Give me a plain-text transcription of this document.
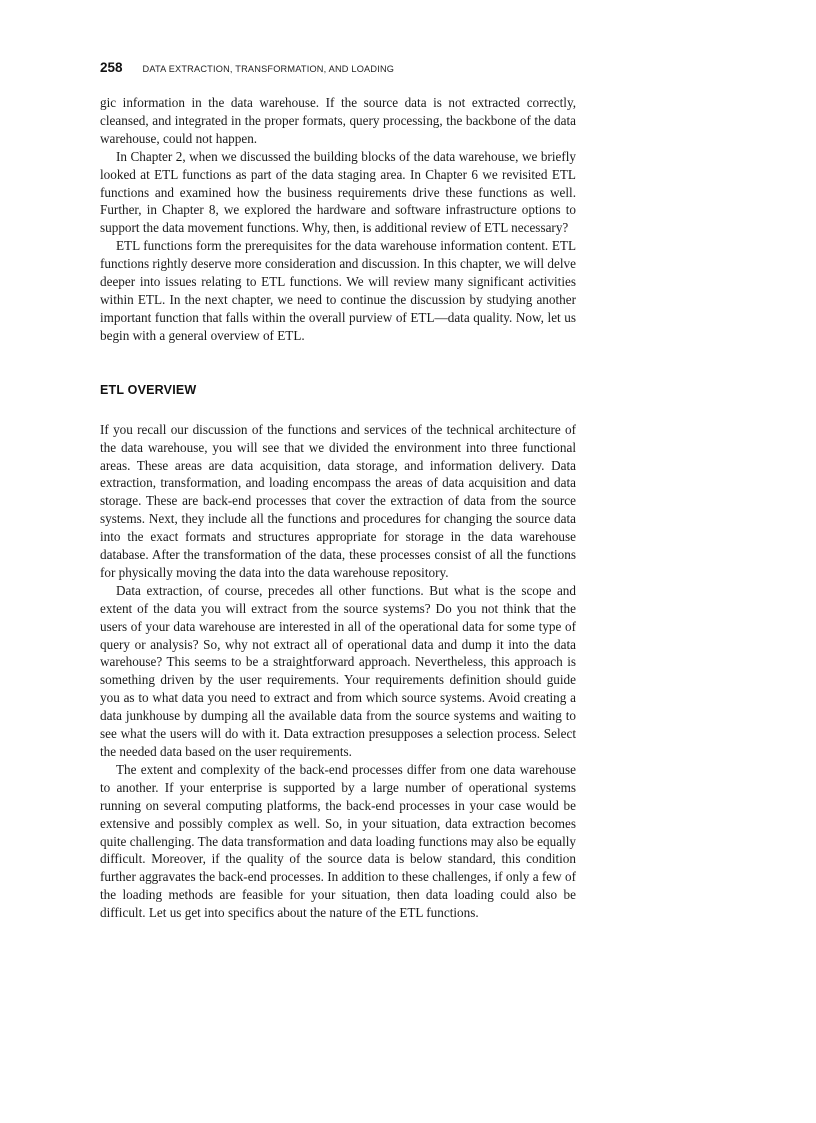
258 DATA EXTRACTION, TRANSFORMATION, AND LOADING

gic information in the data warehouse. If the source data is not extracted correctly, cleansed, and integrated in the proper formats, query processing, the backbone of the data warehouse, could not happen.

In Chapter 2, when we discussed the building blocks of the data warehouse, we briefly looked at ETL functions as part of the data staging area. In Chapter 6 we revisited ETL functions and examined how the business requirements drive these functions as well. Further, in Chapter 8, we explored the hardware and software infrastructure options to support the data movement functions. Why, then, is additional review of ETL necessary?

ETL functions form the prerequisites for the data warehouse information content. ETL functions rightly deserve more consideration and discussion. In this chapter, we will delve deeper into issues relating to ETL functions. We will review many significant activities within ETL. In the next chapter, we need to continue the discussion by studying another important function that falls within the overall purview of ETL—data quality. Now, let us begin with a general overview of ETL.

ETL OVERVIEW

If you recall our discussion of the functions and services of the technical architecture of the data warehouse, you will see that we divided the environment into three functional areas. These areas are data acquisition, data storage, and information delivery. Data extraction, transformation, and loading encompass the areas of data acquisition and data storage. These are back-end processes that cover the extraction of data from the source systems. Next, they include all the functions and procedures for changing the source data into the exact formats and structures appropriate for storage in the data warehouse database. After the transformation of the data, these processes consist of all the functions for physically moving the data into the data warehouse repository.

Data extraction, of course, precedes all other functions. But what is the scope and extent of the data you will extract from the source systems? Do you not think that the users of your data warehouse are interested in all of the operational data for some type of query or analysis? So, why not extract all of operational data and dump it into the data warehouse? This seems to be a straightforward approach. Nevertheless, this approach is something driven by the user requirements. Your requirements definition should guide you as to what data you need to extract and from which source systems. Avoid creating a data junkhouse by dumping all the available data from the source systems and waiting to see what the users will do with it. Data extraction presupposes a selection process. Select the needed data based on the user requirements.

The extent and complexity of the back-end processes differ from one data warehouse to another. If your enterprise is supported by a large number of operational systems running on several computing platforms, the back-end processes in your case would be extensive and possibly complex as well. So, in your situation, data extraction becomes quite challenging. The data transformation and data loading functions may also be equally difficult. Moreover, if the quality of the source data is below standard, this condition further aggravates the back-end processes. In addition to these challenges, if only a few of the loading methods are feasible for your situation, then data loading could also be difficult. Let us get into specifics about the nature of the ETL functions.
